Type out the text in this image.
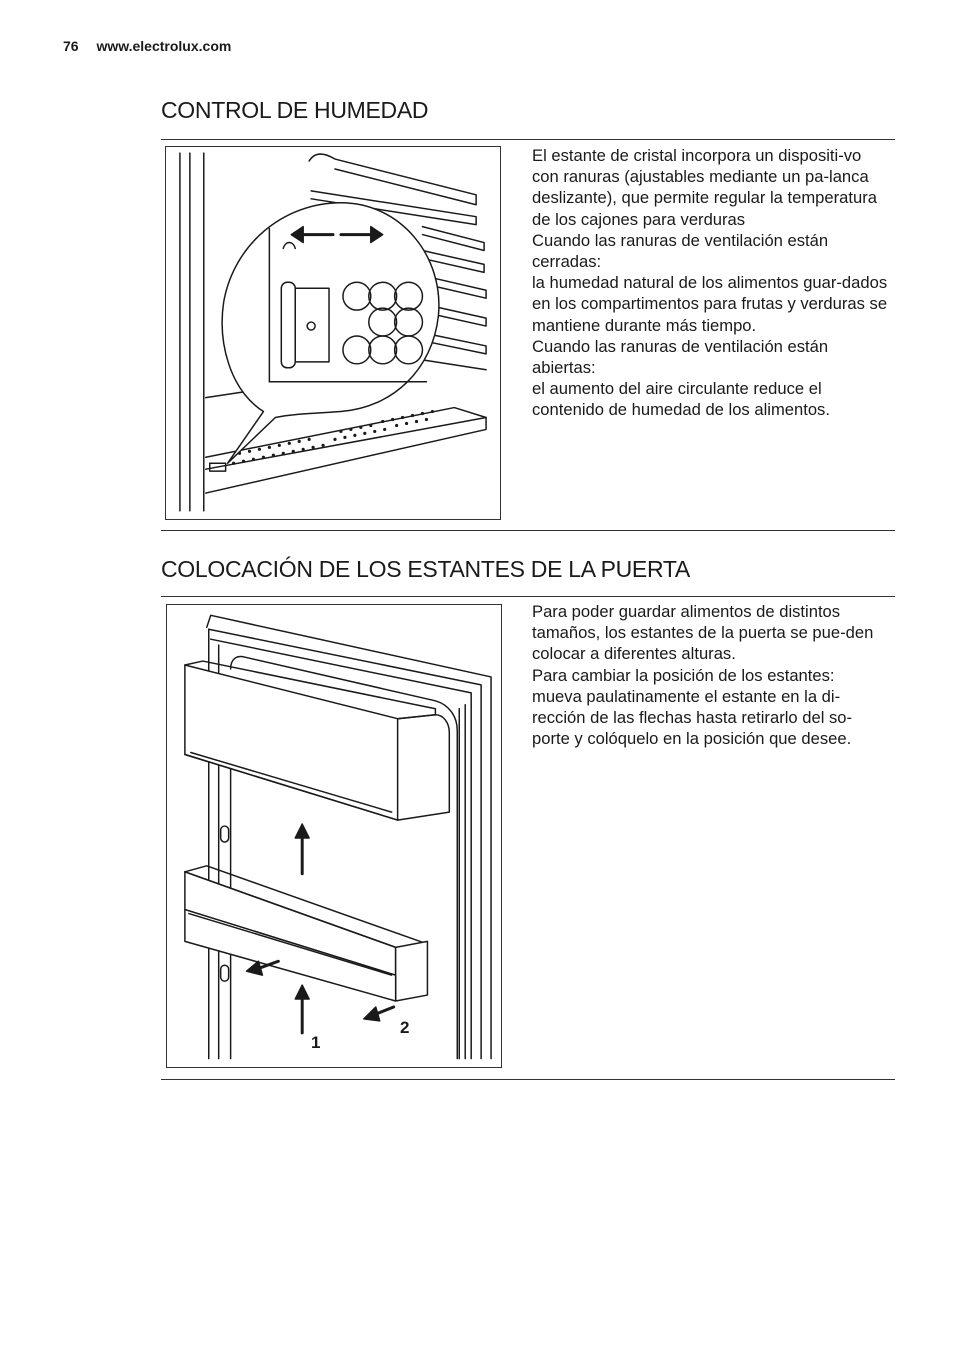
76 www.electrolux.com
CONTROL DE HUMEDAD

El estante de cristal incorpora un dispositi-vo con ranuras (ajustables mediante un pa-lanca deslizante), que permite regular la temperatura de los cajones para verduras

Cuando las ranuras de ventilación están cerradas:

la humedad natural de los alimentos guar-dados en los compartimentos para frutas y verduras se mantiene durante más tiempo.

Cuando las ranuras de ventilación están abiertas:

el aumento del aire circulante reduce el contenido de humedad de los alimentos.

COLOCACIÓN DE LOS ESTANTES DE LA PUERTA
1
2

Para poder guardar alimentos de distintos tamaños, los estantes de la puerta se pue-den colocar a diferentes alturas.

Para cambiar la posición de los estantes:

mueva paulatinamente el estante en la di-rección de las flechas hasta retirarlo del so-porte y colóquelo en la posición que desee.
